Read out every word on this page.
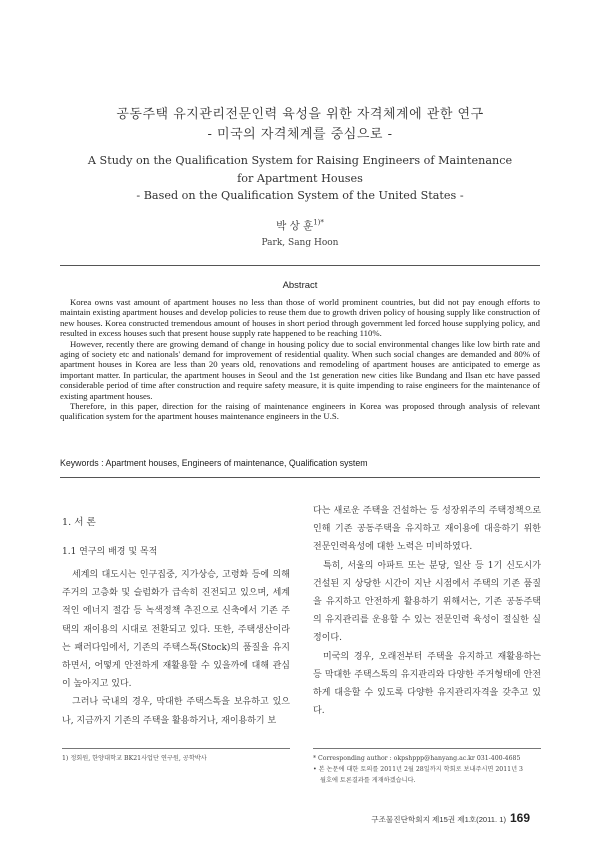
공동주택 유지관리전문인력 육성을 위한 자격체계에 관한 연구
- 미국의 자격체계를 중심으로 -
A Study on the Qualification System for Raising Engineers of Maintenance
for Apartment Houses
- Based on the Qualification System of the United States -
박 상 훈$^{1)*}$
Park, Sang Hoon
Abstract

Korea owns vast amount of apartment houses no less than those of world prominent countries, but did not pay enough efforts to maintain existing apartment houses and develop policies to reuse them due to growth driven policy of housing supply like construction of new houses. Korea constructed tremendous amount of houses in short period through government led forced house supplying policy, and resulted in excess houses such that present house supply rate happened to be reaching 110%.

However, recently there are growing demand of change in housing policy due to social environmental changes like low birth rate and aging of society etc and nationals' demand for improvement of residential quality. When such social changes are demanded and 80% of apartment houses in Korea are less than 20 years old, renovations and remodeling of apartment houses are anticipated to emerge as important matter. In particular, the apartment houses in Seoul and the 1st generation new cities like Bundang and Ilsan etc have passed considerable period of time after construction and require safety measure, it is quite impending to raise engineers for the maintenance of existing apartment houses.

Therefore, in this paper, direction for the raising of maintenance engineers in Korea was proposed through analysis of relevant qualification system for the apartment houses maintenance engineers in the U.S.

Keywords : Apartment houses, Engineers of maintenance, Qualification system
1. 서 론
1.1 연구의 배경 및 목적

세계의 대도시는 인구집중, 지가상승, 고령화 등에 의해 주거의 고층화 및 슬럼화가 급속히 진전되고 있으며, 세계적인 에너지 절감 등 녹색정책 추진으로 신축에서 기존 주택의 재이용의 시대로 전환되고 있다. 또한, 주택생산이라는 패러다임에서, 기존의 주택스톡(Stock)의 품질을 유지하면서, 어떻게 안전하게 재활용할 수 있을까에 대해 관심이 높아지고 있다.

그러나 국내의 경우, 막대한 주택스톡을 보유하고 있으나, 지금까지 기존의 주택을 활용하거나, 재이용하기 보

다는 새로운 주택을 건설하는 등 성장위주의 주택정책으로 인해 기존 공동주택을 유지하고 재이용에 대응하기 위한 전문인력육성에 대한 노력은 미비하였다.

특히, 서울의 아파트 또는 분당, 일산 등 1기 신도시가 건설된 지 상당한 시간이 지난 시점에서 주택의 기존 품질을 유지하고 안전하게 활용하기 위해서는, 기존 공동주택의 유지관리를 운용할 수 있는 전문인력 육성이 절실한 실정이다.

미국의 경우, 오래전부터 주택을 유지하고 재활용하는 등 막대한 주택스톡의 유지관리와 다양한 주거형태에 안전하게 대응할 수 있도록 다양한 유지관리자격을 갖추고 있다.

1) 정회원, 한양대학교 BK21사업단 연구원, 공학박사	* Corresponding author : okpshppp@hanyang.ac.kr 031-400-4685
• 본 논문에 대한 토의를 2011년 2월 28일까지 학회로 보내주시면 2011년 3
월호에 토론결과를 게재하겠습니다.
구조물진단학회지 제15권 제1호(2011. 1) 169
